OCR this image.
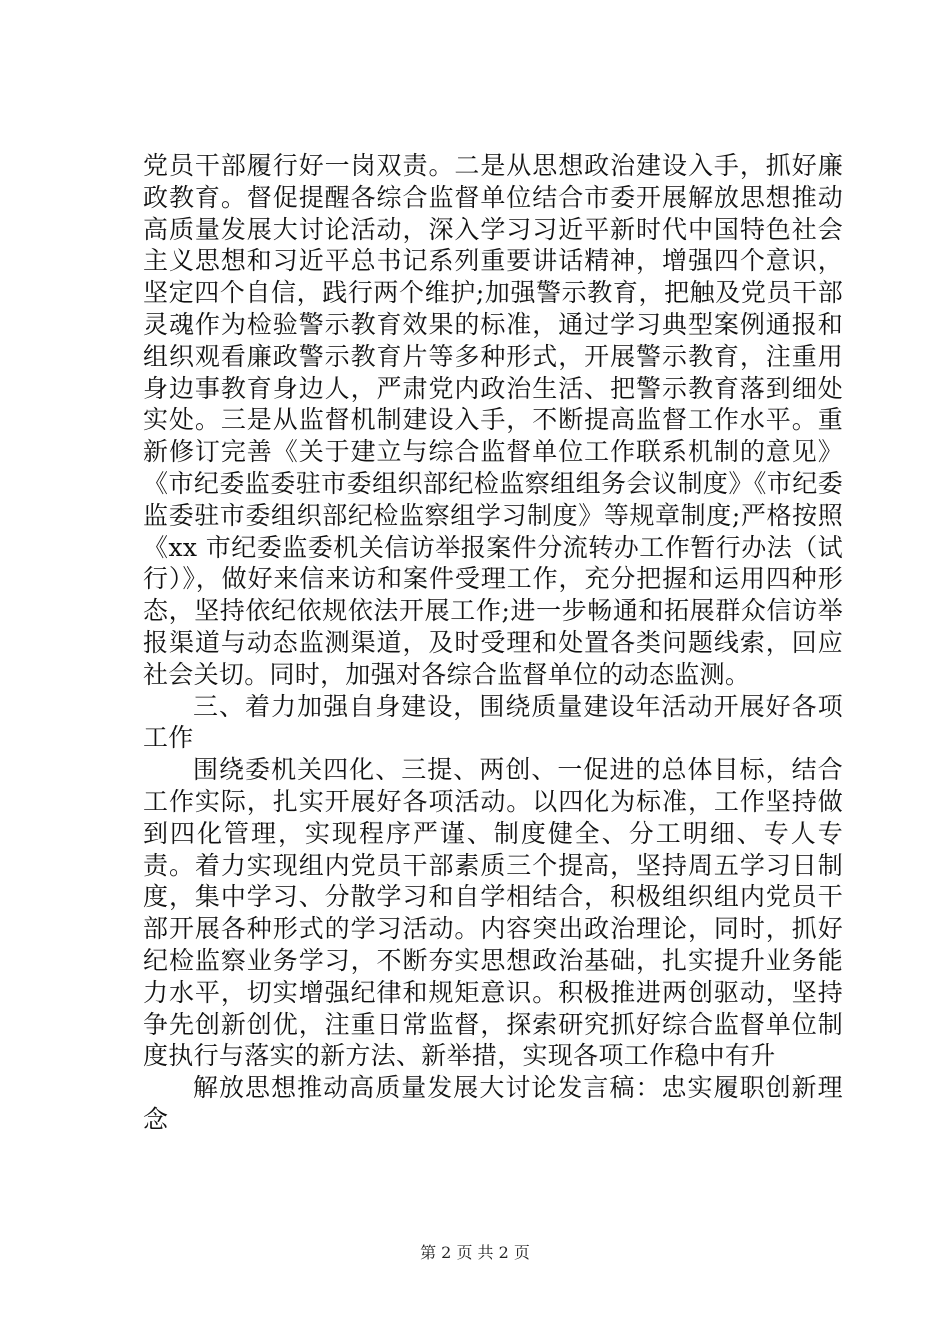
党员干部履行好一岗双责。二是从思想政治建设入手，抓好廉政教育。督促提醒各综合监督单位结合市委开展解放思想推动高质量发展大讨论活动，深入学习习近平新时代中国特色社会主义思想和习近平总书记系列重要讲话精神，增强四个意识，坚定四个自信，践行两个维护;加强警示教育，把触及党员干部灵魂作为检验警示教育效果的标准，通过学习典型案例通报和组织观看廉政警示教育片等多种形式，开展警示教育，注重用身边事教育身边人，严肃党内政治生活、把警示教育落到细处实处。三是从监督机制建设入手，不断提高监督工作水平。重新修订完善《关于建立与综合监督单位工作联系机制的意见》《市纪委监委驻市委组织部纪检监察组组务会议制度》《市纪委监委驻市委组织部纪检监察组学习制度》等规章制度;严格按照《xx 市纪委监委机关信访举报案件分流转办工作暂行办法（试行）》，做好来信来访和案件受理工作，充分把握和运用四种形态，坚持依纪依规依法开展工作;进一步畅通和拓展群众信访举报渠道与动态监测渠道，及时受理和处置各类问题线索，回应社会关切。同时，加强对各综合监督单位的动态监测。

三、着力加强自身建设，围绕质量建设年活动开展好各项工作

围绕委机关四化、三提、两创、一促进的总体目标，结合工作实际，扎实开展好各项活动。以四化为标准，工作坚持做到四化管理，实现程序严谨、制度健全、分工明细、专人专责。着力实现组内党员干部素质三个提高，坚持周五学习日制度，集中学习、分散学习和自学相结合，积极组织组内党员干部开展各种形式的学习活动。内容突出政治理论，同时，抓好纪检监察业务学习，不断夯实思想政治基础，扎实提升业务能力水平，切实增强纪律和规矩意识。积极推进两创驱动，坚持争先创新创优，注重日常监督，探索研究抓好综合监督单位制度执行与落实的新方法、新举措，实现各项工作稳中有升

解放思想推动高质量发展大讨论发言稿：忠实履职创新理念

第 2 页 共 2 页
